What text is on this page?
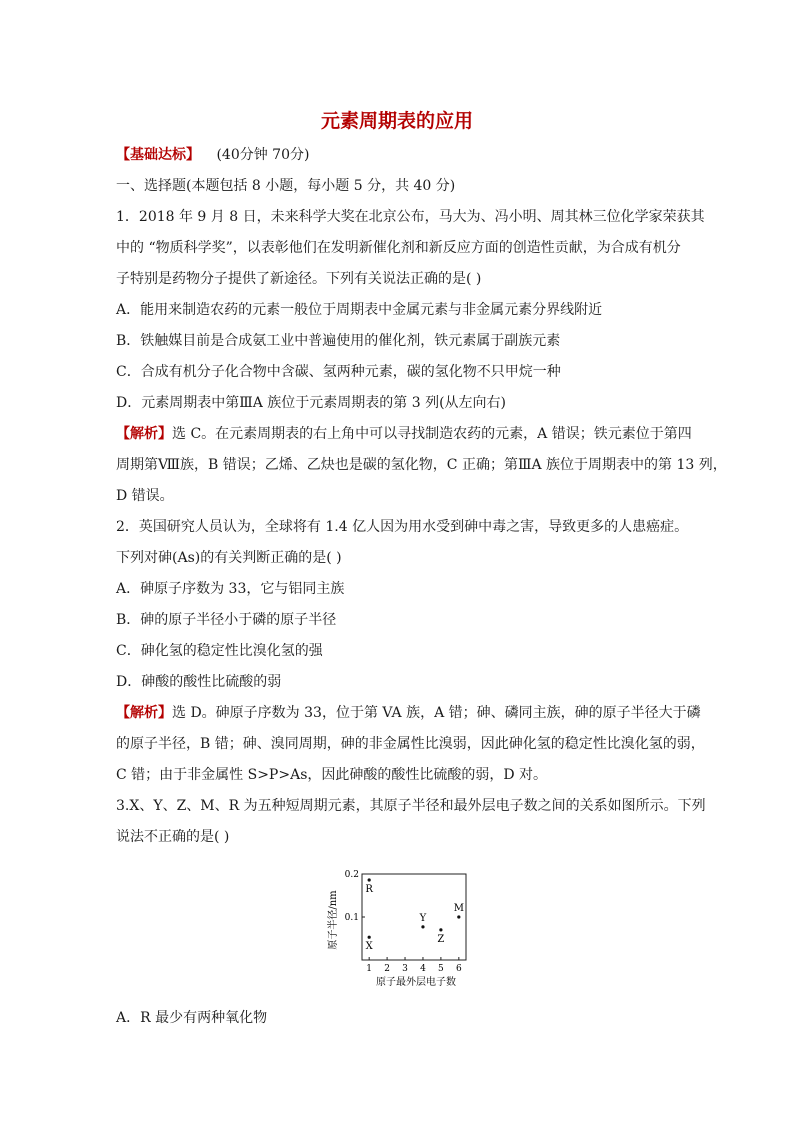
元素周期表的应用
【基础达标】 (40分钟 70分)
一、选择题(本题包括 8 小题，每小题 5 分，共 40 分)
1．2018 年 9 月 8 日，未来科学大奖在北京公布，马大为、冯小明、周其林三位化学家荣获其
中的 “物质科学奖”，以表彰他们在发明新催化剂和新反应方面的创造性贡献，为合成有机分
子特别是药物分子提供了新途径。下列有关说法正确的是( )
A．能用来制造农药的元素一般位于周期表中金属元素与非金属元素分界线附近
B．铁触媒目前是合成氨工业中普遍使用的催化剂，铁元素属于副族元素
C．合成有机分子化合物中含碳、氢两种元素，碳的氢化物不只甲烷一种
D．元素周期表中第ⅢA 族位于元素周期表的第 3 列(从左向右)
【解析】选 C。在元素周期表的右上角中可以寻找制造农药的元素，A 错误；铁元素位于第四
周期第Ⅷ族，B 错误；乙烯、乙炔也是碳的氢化物，C 正确；第ⅢA 族位于周期表中的第 13 列，
D 错误。
2．英国研究人员认为，全球将有 1.4 亿人因为用水受到砷中毒之害，导致更多的人患癌症。
下列对砷(As)的有关判断正确的是( )
A．砷原子序数为 33，它与铝同主族
B．砷的原子半径小于磷的原子半径
C．砷化氢的稳定性比溴化氢的强
D．砷酸的酸性比硫酸的弱
【解析】选 D。砷原子序数为 33，位于第 VA 族，A 错；砷、磷同主族，砷的原子半径大于磷
的原子半径，B 错；砷、溴同周期，砷的非金属性比溴弱，因此砷化氢的稳定性比溴化氢的弱，
C 错；由于非金属性 S>P>As，因此砷酸的酸性比硫酸的弱，D 对。
3.X、Y、Z、M、R 为五种短周期元素，其原子半径和最外层电子数之间的关系如图所示。下列
说法不正确的是( )
0.1
0.2
1 2 3 4 5 6
原子最外层电子数
原子半径/nm
R
X
Y
Z
M
A．R 最少有两种氧化物
